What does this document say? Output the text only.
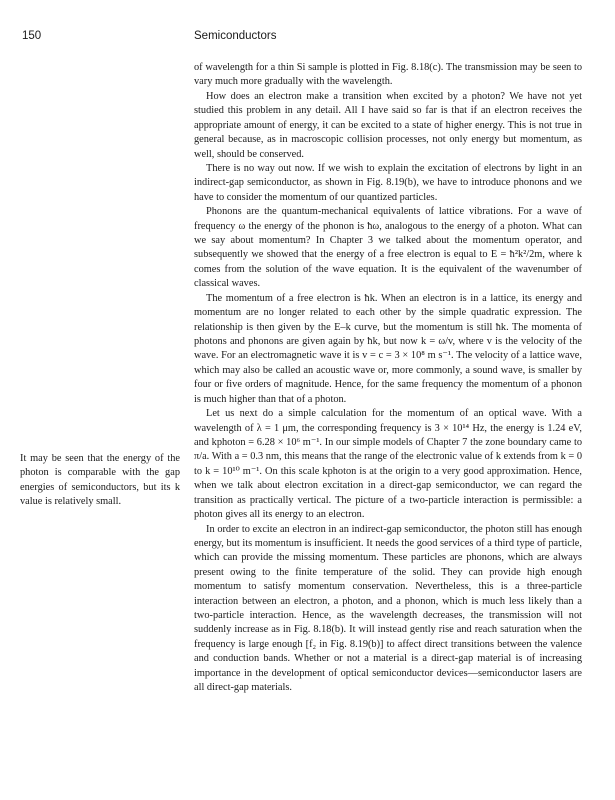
150	Semiconductors
It may be seen that the energy of the photon is comparable with the gap energies of semiconductors, but its k value is relatively small.

of wavelength for a thin Si sample is plotted in Fig. 8.18(c). The transmission may be seen to vary much more gradually with the wavelength.

How does an electron make a transition when excited by a photon? We have not yet studied this problem in any detail. All I have said so far is that if an electron receives the appropriate amount of energy, it can be excited to a state of higher energy. This is not true in general because, as in macroscopic collision processes, not only energy but momentum, as well, should be conserved.

There is no way out now. If we wish to explain the excitation of electrons by light in an indirect-gap semiconductor, as shown in Fig. 8.19(b), we have to introduce phonons and we have to consider the momentum of our quantized particles.

Phonons are the quantum-mechanical equivalents of lattice vibrations. For a wave of frequency ω the energy of the phonon is ħω, analogous to the energy of a photon. What can we say about momentum? In Chapter 3 we talked about the momentum operator, and subsequently we showed that the energy of a free electron is equal to E = ħ²k²/2m, where k comes from the solution of the wave equation. It is the equivalent of the wavenumber of classical waves.

The momentum of a free electron is ħk. When an electron is in a lattice, its energy and momentum are no longer related to each other by the simple quadratic expression. The relationship is then given by the E–k curve, but the momentum is still ħk. The momenta of photons and phonons are given again by ħk, but now k = ω/v, where v is the velocity of the wave. For an electromagnetic wave it is v = c = 3 × 10⁸ m s⁻¹. The velocity of a lattice wave, which may also be called an acoustic wave or, more commonly, a sound wave, is smaller by four or five orders of magnitude. Hence, for the same frequency the momentum of a phonon is much higher than that of a photon.

Let us next do a simple calculation for the momentum of an optical wave. With a wavelength of λ = 1 μm, the corresponding frequency is 3 × 10¹⁴ Hz, the energy is 1.24 eV, and kphoton = 6.28 × 10⁶ m⁻¹. In our simple models of Chapter 7 the zone boundary came to π/a. With a = 0.3 nm, this means that the range of the electronic value of k extends from k = 0 to k = 10¹⁰ m⁻¹. On this scale kphoton is at the origin to a very good approximation. Hence, when we talk about electron excitation in a direct-gap semiconductor, we can regard the transition as practically vertical. The picture of a two-particle interaction is permissible: a photon gives all its energy to an electron.

In order to excite an electron in an indirect-gap semiconductor, the photon still has enough energy, but its momentum is insufficient. It needs the good services of a third type of particle, which can provide the missing momentum. These particles are phonons, which are always present owing to the finite temperature of the solid. They can provide high enough momentum to satisfy momentum conservation. Nevertheless, this is a three-particle interaction between an electron, a photon, and a phonon, which is much less likely than a two-particle interaction. Hence, as the wavelength decreases, the transmission will not suddenly increase as in Fig. 8.18(b). It will instead gently rise and reach saturation when the frequency is large enough [f₂ in Fig. 8.19(b)] to affect direct transitions between the valence and conduction bands. Whether or not a material is a direct-gap material is of increasing importance in the development of optical semiconductor devices—semiconductor lasers are all direct-gap materials.
